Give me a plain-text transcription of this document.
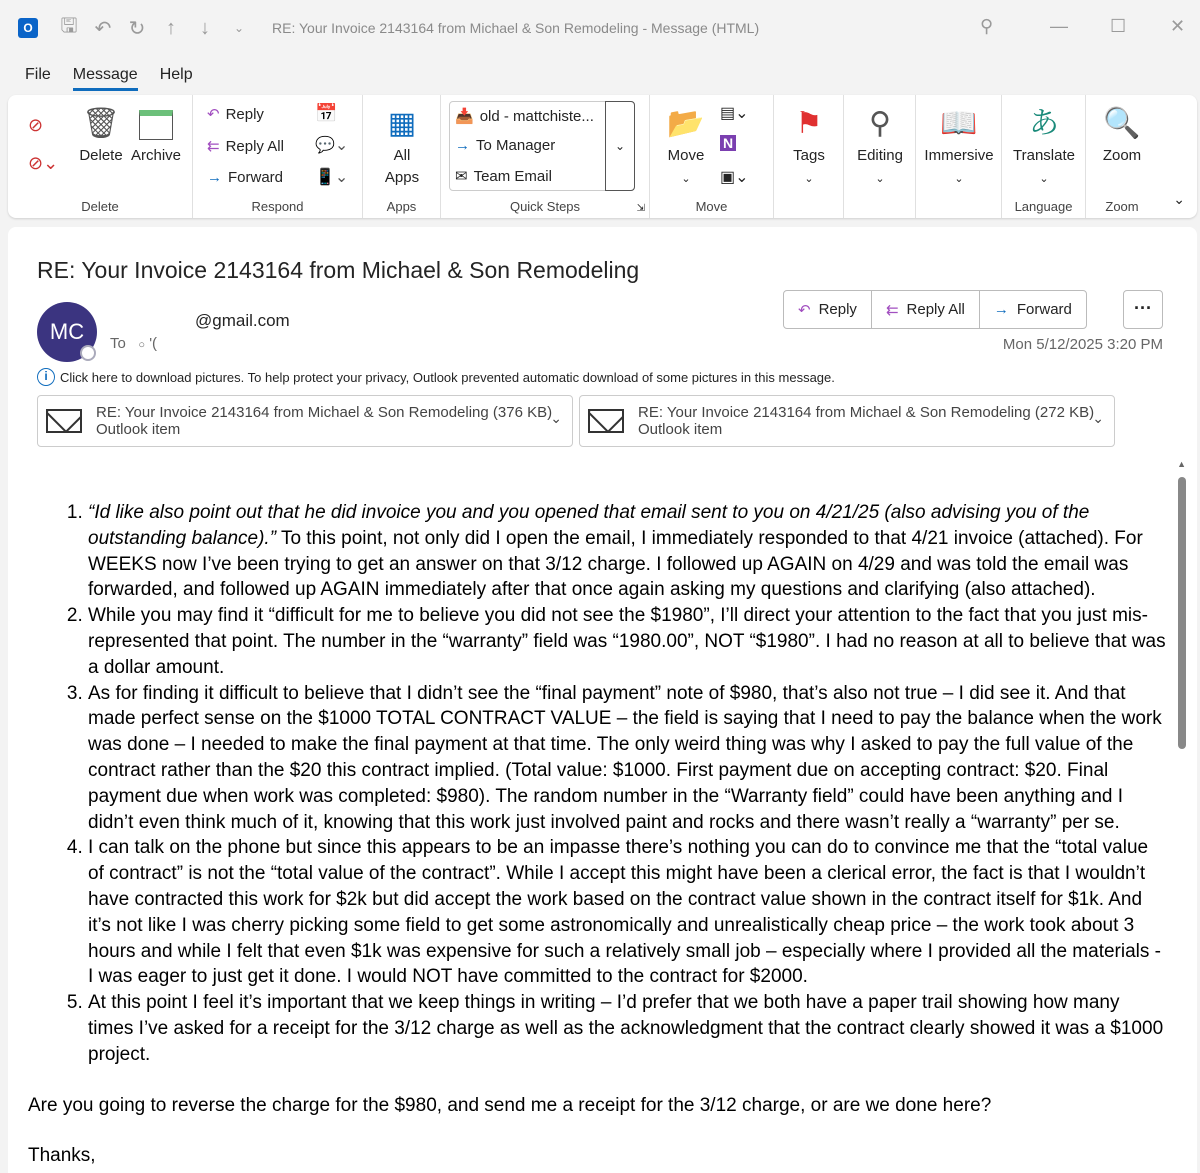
O	🖫 ↶ ↻	↑	↓	⌄	RE: Your Invoice 2143164 from Michael & Son Remodeling - Message (HTML)	⚲	— ☐ ✕
File Message Help
⊘
⊘⌄
🗑
Delete Archive
Delete
↶ Reply
⇇ Reply All
→ Forward
📅
💬⌄
📱⌄
Respond
▦
All
Apps
Apps
⌄
📥 old - mattchiste...
→ To Manager
✉ Team Email
Quick Steps	⇲
📂
Move
⌄
▤⌄
N
▣⌄
Move
⚑
Tags
⌄
⚲
Editing
⌄
📖
Immersive
⌄
あ
Translate
⌄
Language
🔍
Zoom
Zoom	⌄
RE: Your Invoice 2143164 from Michael & Son Remodeling
MC	@gmail.com
To ○ '(
↶ Reply ⇇ Reply All → Forward	···
Mon 5/12/2025 3:20 PM
i Click here to download pictures. To help protect your privacy, Outlook prevented automatic download of some pictures in this message.
RE: Your Invoice 2143164 from Michael & Son Remodeling (376 KB)
Outlook item
⌄	RE: Your Invoice 2143164 from Michael & Son Remodeling (272 KB)
Outlook item
⌄
▲
1. “Id like also point out that he did invoice you and you opened that email sent to you on 4/21/25 (also advising you of the outstanding balance).” To this point, not only did I open the email, I immediately responded to that 4/21 invoice (attached). For WEEKS now I’ve been trying to get an answer on that 3/12 charge. I followed up AGAIN on 4/29 and was told the email was forwarded, and followed up AGAIN immediately after that once again asking my questions and clarifying (also attached).
2. While you may find it “difficult for me to believe you did not see the $1980”, I’ll direct your attention to the fact that you just mis-represented that point. The number in the “warranty” field was “1980.00”, NOT “$1980”. I had no reason at all to believe that was a dollar amount.
3. As for finding it difficult to believe that I didn’t see the “final payment” note of $980, that’s also not true – I did see it. And that made perfect sense on the $1000 TOTAL CONTRACT VALUE – the field is saying that I need to pay the balance when the work was done – I needed to make the final payment at that time. The only weird thing was why I asked to pay the full value of the contract rather than the $20 this contract implied. (Total value: $1000. First payment due on accepting contract: $20. Final payment due when work was completed: $980). The random number in the “Warranty field” could have been anything and I didn’t even think much of it, knowing that this work just involved paint and rocks and there wasn’t really a “warranty” per se.
4. I can talk on the phone but since this appears to be an impasse there’s nothing you can do to convince me that the “total value of contract” is not the “total value of the contract”. While I accept this might have been a clerical error, the fact is that I wouldn’t have contracted this work for $2k but did accept the work based on the contract value shown in the contract itself for $1k. And it’s not like I was cherry picking some field to get some astronomically and unrealistically cheap price – the work took about 3 hours and while I felt that even $1k was expensive for such a relatively small job – especially where I provided all the materials - I was eager to just get it done. I would NOT have committed to the contract for $2000.
5. At this point I feel it’s important that we keep things in writing – I’d prefer that we both have a paper trail showing how many times I’ve asked for a receipt for the 3/12 charge as well as the acknowledgment that the contract clearly showed it was a $1000 project.

Are you going to reverse the charge for the $980, and send me a receipt for the 3/12 charge, or are we done here?

Thanks,
